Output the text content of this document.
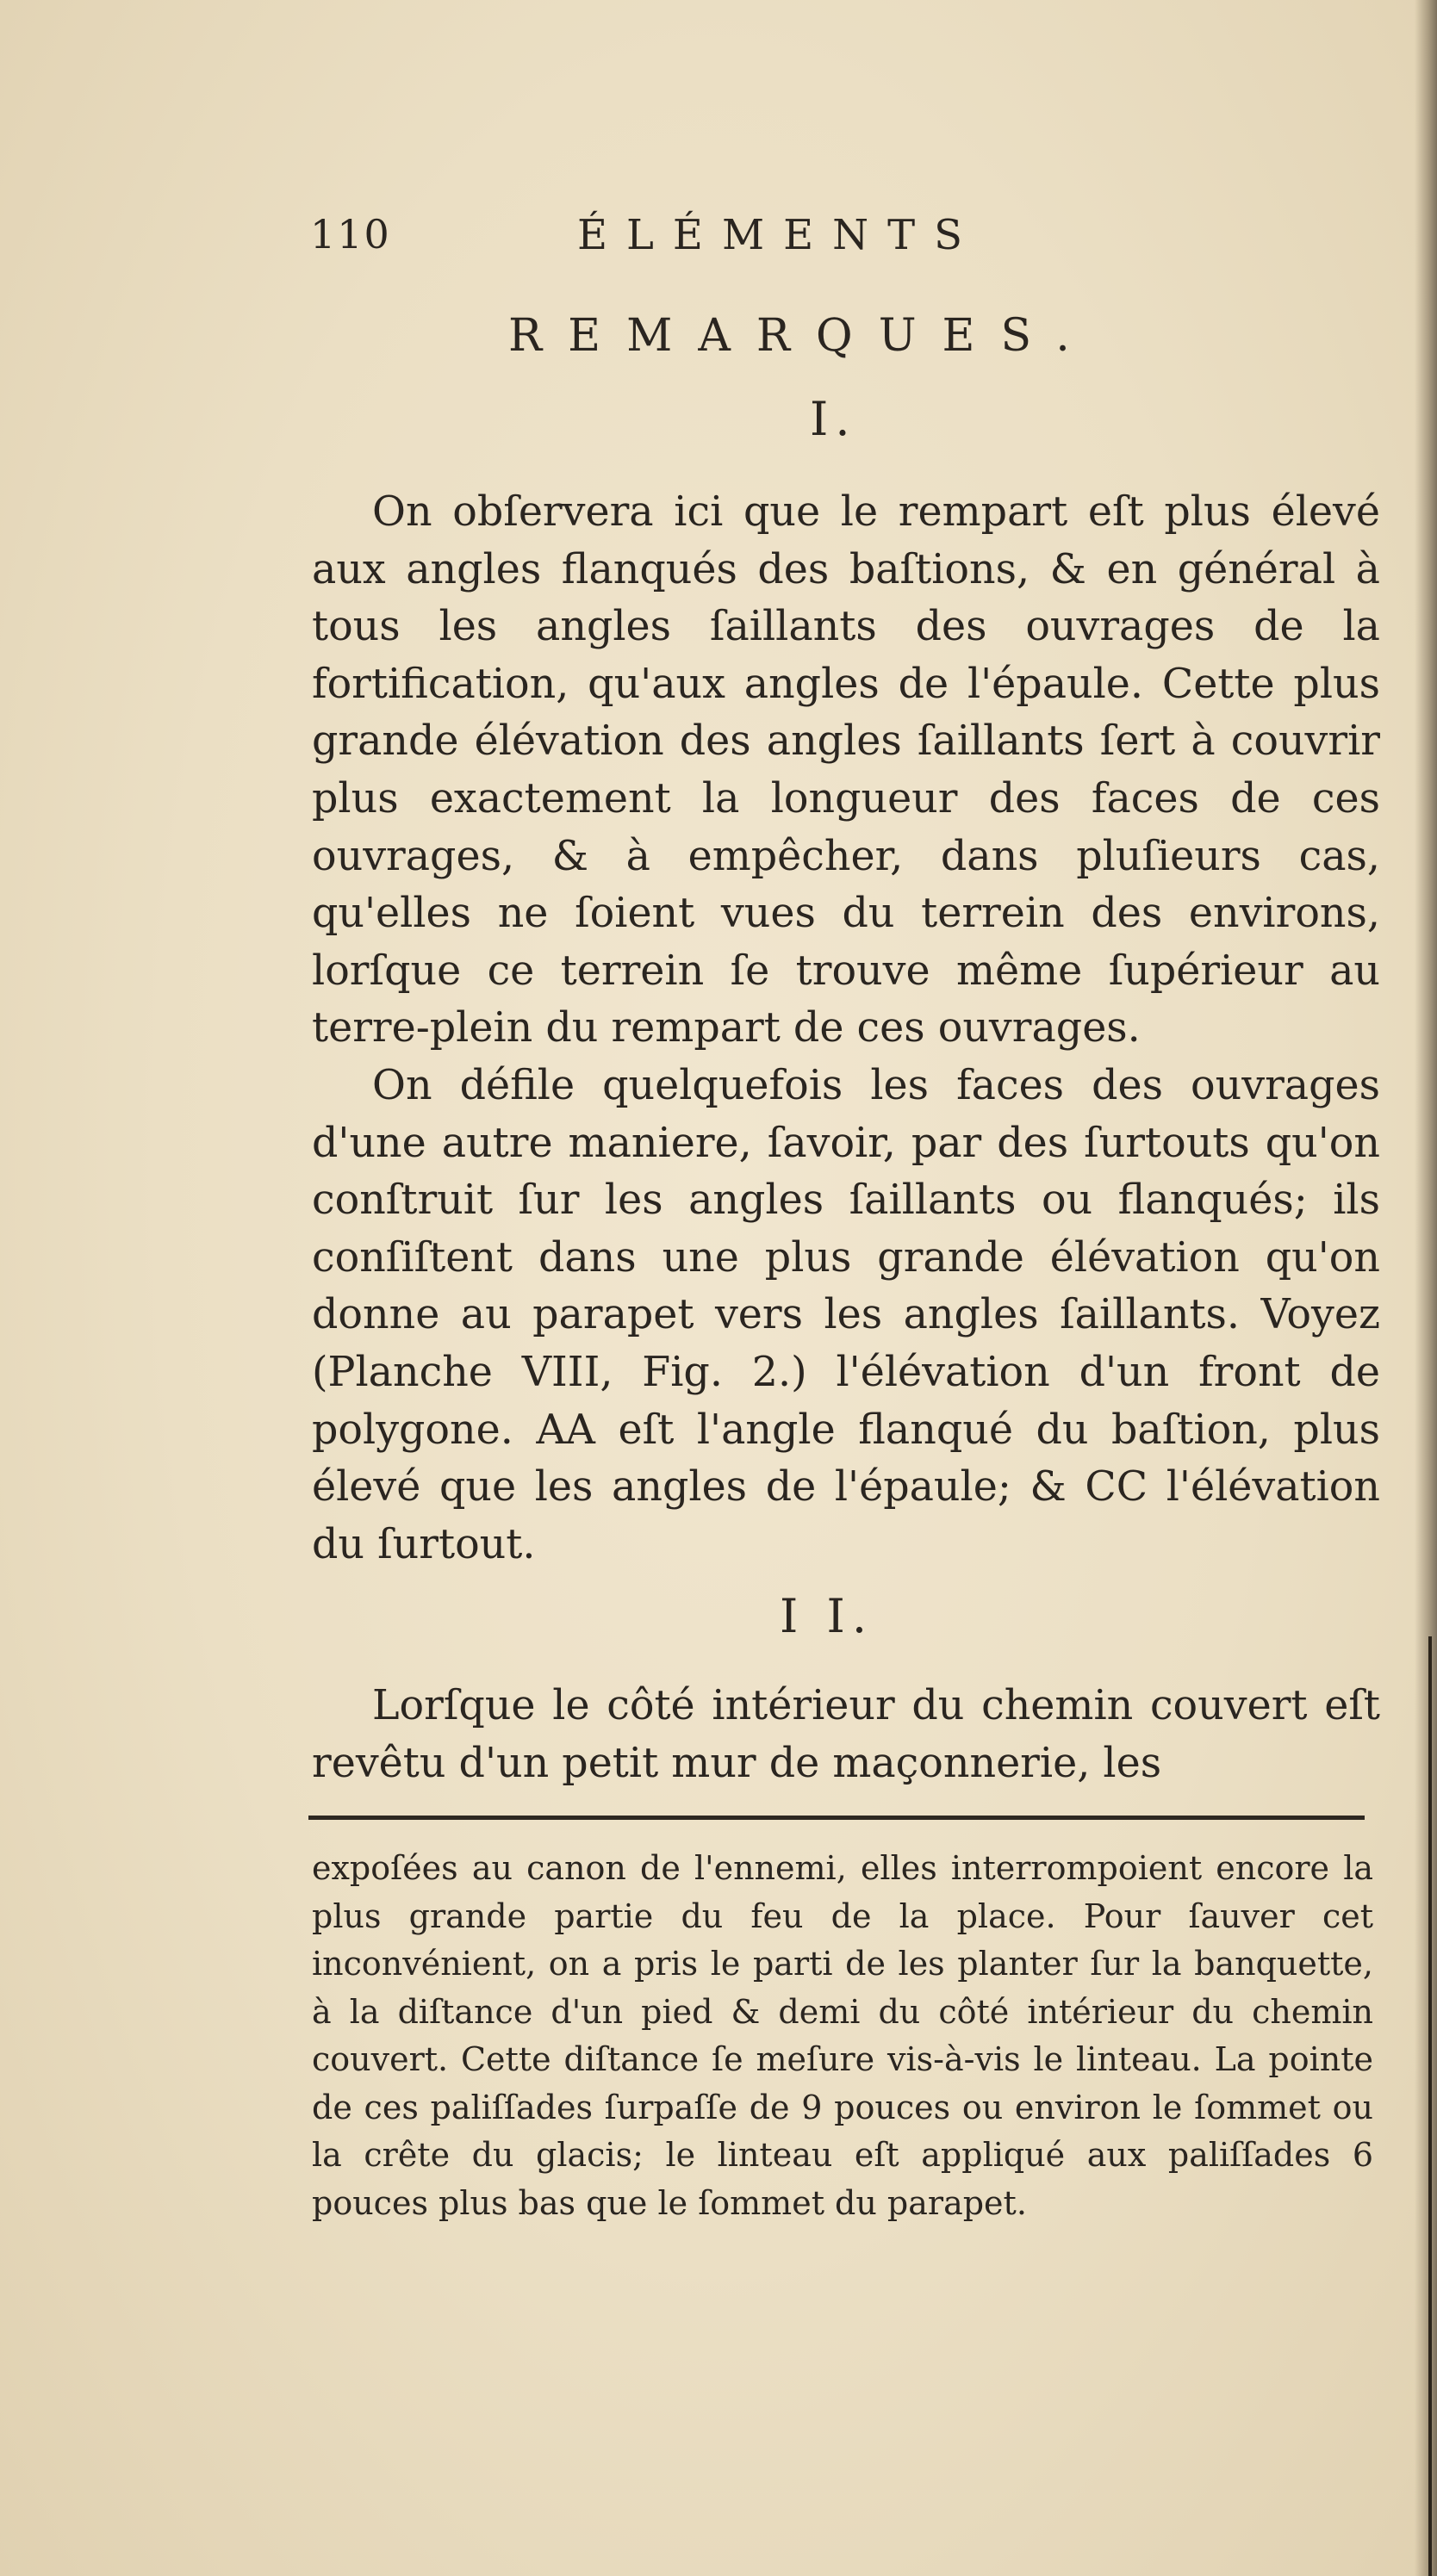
110	ÉLÉMENTS
REMARQUES.
I.

On obſervera ici que le rempart eſt plus élevé aux angles flanqués des baſtions, & en général à tous les angles ſaillants des ouvrages de la fortification, qu'aux angles de l'épaule. Cette plus grande élévation des angles ſaillants ſert à couvrir plus exactement la longueur des faces de ces ouvrages, & à empêcher, dans pluſieurs cas, qu'elles ne ſoient vues du terrein des environs, lorſque ce terrein ſe trouve même ſupérieur au terre-plein du rempart de ces ouvrages.

On défile quelquefois les faces des ouvrages d'une autre maniere, ſavoir, par des ſurtouts qu'on conſtruit ſur les angles ſaillants ou flanqués; ils conſiſtent dans une plus grande élévation qu'on donne au parapet vers les angles ſaillants. Voyez (Planche VIII, Fig. 2.) l'élévation d'un front de polygone. AA eſt l'angle flanqué du baſtion, plus élevé que les angles de l'épaule; & CC l'élévation du ſurtout.

I I.

Lorſque le côté intérieur du chemin couvert eſt revêtu d'un petit mur de maçonnerie, les

expoſées au canon de l'ennemi, elles interrompoient encore la plus grande partie du feu de la place. Pour ſauver cet inconvénient, on a pris le parti de les planter ſur la banquette, à la diſtance d'un pied & demi du côté intérieur du chemin couvert. Cette diſtance ſe meſure vis-à-vis le linteau. La pointe de ces paliſſades ſurpaſſe de 9 pouces ou environ le ſommet ou la crête du glacis; le linteau eſt appliqué aux paliſſades 6 pouces plus bas que le ſommet du parapet.
